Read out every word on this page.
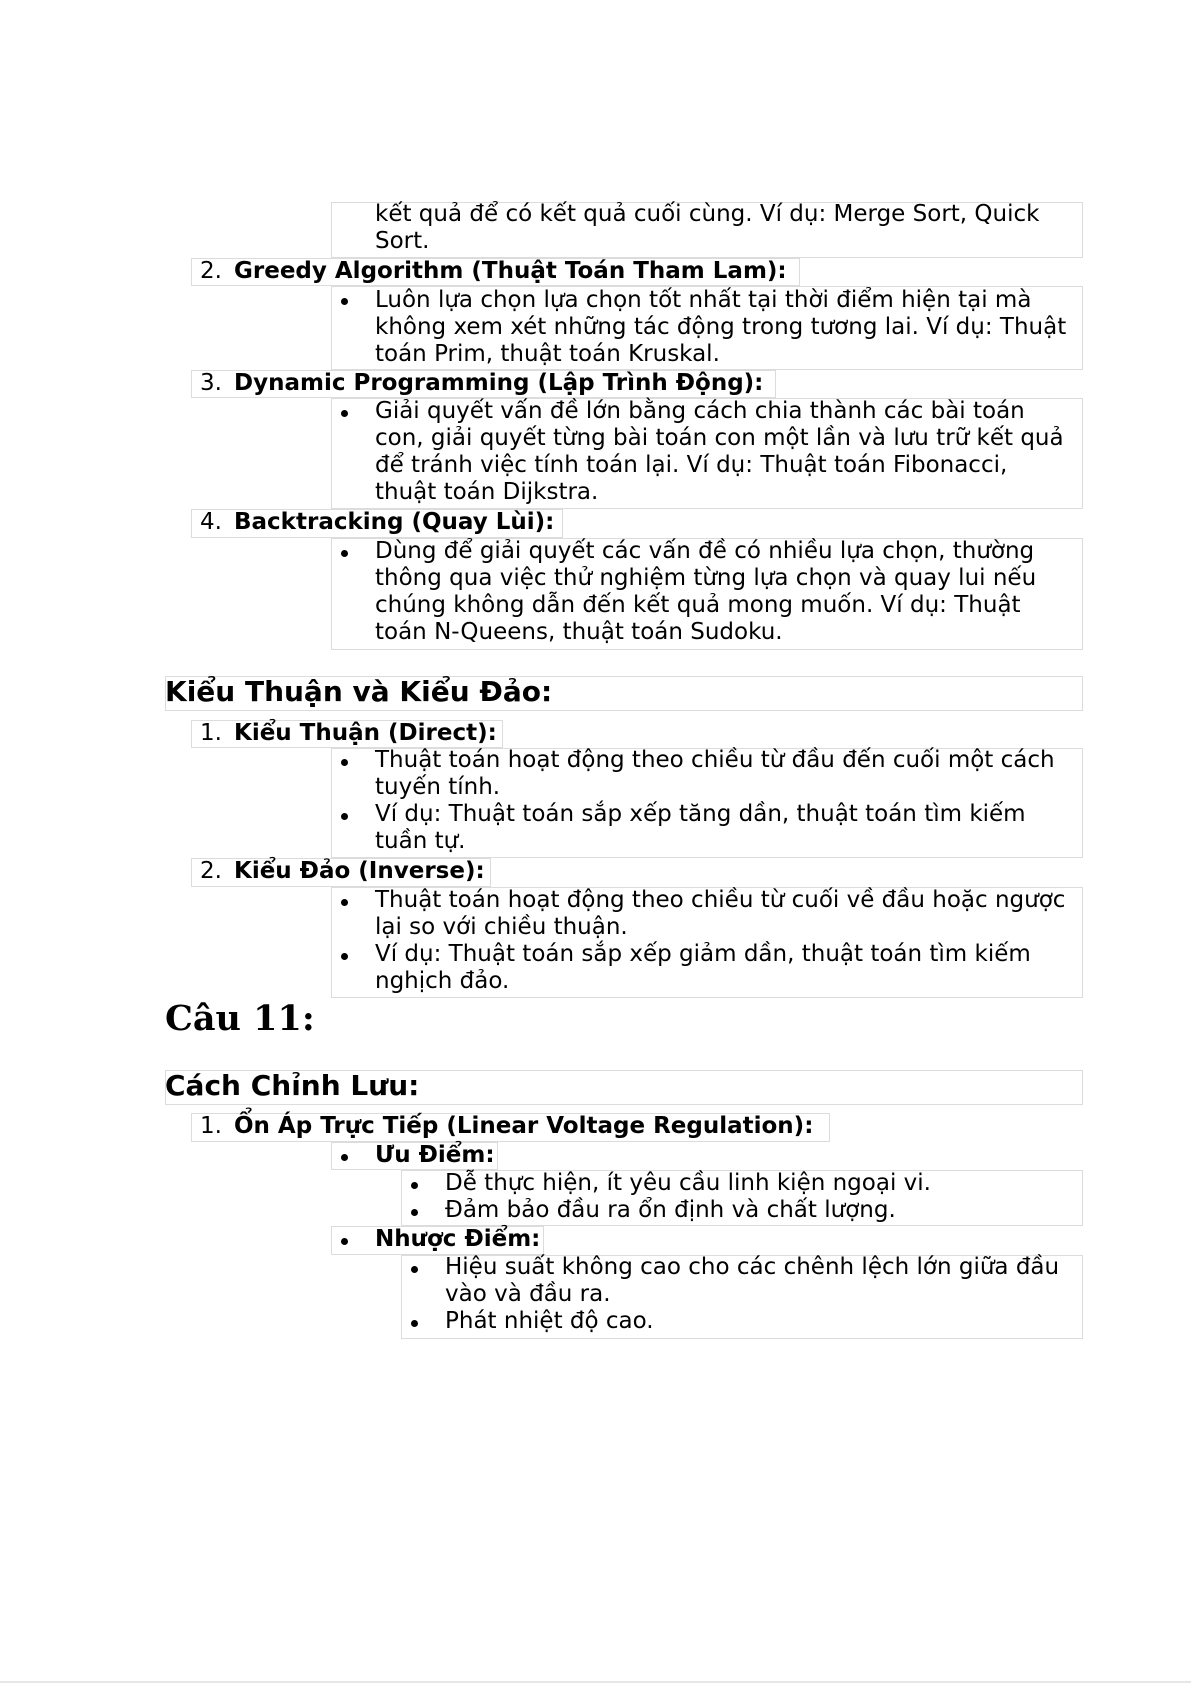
kết quả để có kết quả cuối cùng. Ví dụ: Merge Sort, Quick
Sort.
2. Greedy Algorithm (Thuật Toán Tham Lam):
Luôn lựa chọn lựa chọn tốt nhất tại thời điểm hiện tại mà
không xem xét những tác động trong tương lai. Ví dụ: Thuật
toán Prim, thuật toán Kruskal.
3. Dynamic Programming (Lập Trình Động):
Giải quyết vấn đề lớn bằng cách chia thành các bài toán
con, giải quyết từng bài toán con một lần và lưu trữ kết quả
để tránh việc tính toán lại. Ví dụ: Thuật toán Fibonacci,
thuật toán Dijkstra.
4. Backtracking (Quay Lùi):
Dùng để giải quyết các vấn đề có nhiều lựa chọn, thường
thông qua việc thử nghiệm từng lựa chọn và quay lui nếu
chúng không dẫn đến kết quả mong muốn. Ví dụ: Thuật
toán N-Queens, thuật toán Sudoku.
Kiểu Thuận và Kiểu Đảo:
1. Kiểu Thuận (Direct):
Thuật toán hoạt động theo chiều từ đầu đến cuối một cách
tuyến tính.
Ví dụ: Thuật toán sắp xếp tăng dần, thuật toán tìm kiếm
tuần tự.
2. Kiểu Đảo (Inverse):
Thuật toán hoạt động theo chiều từ cuối về đầu hoặc ngược
lại so với chiều thuận.
Ví dụ: Thuật toán sắp xếp giảm dần, thuật toán tìm kiếm
nghịch đảo.
Câu 11:
Cách Chỉnh Lưu:
1. Ổn Áp Trực Tiếp (Linear Voltage Regulation):
Ưu Điểm:
Dễ thực hiện, ít yêu cầu linh kiện ngoại vi.
Đảm bảo đầu ra ổn định và chất lượng.
Nhược Điểm:
Hiệu suất không cao cho các chênh lệch lớn giữa đầu
vào và đầu ra.
Phát nhiệt độ cao.
